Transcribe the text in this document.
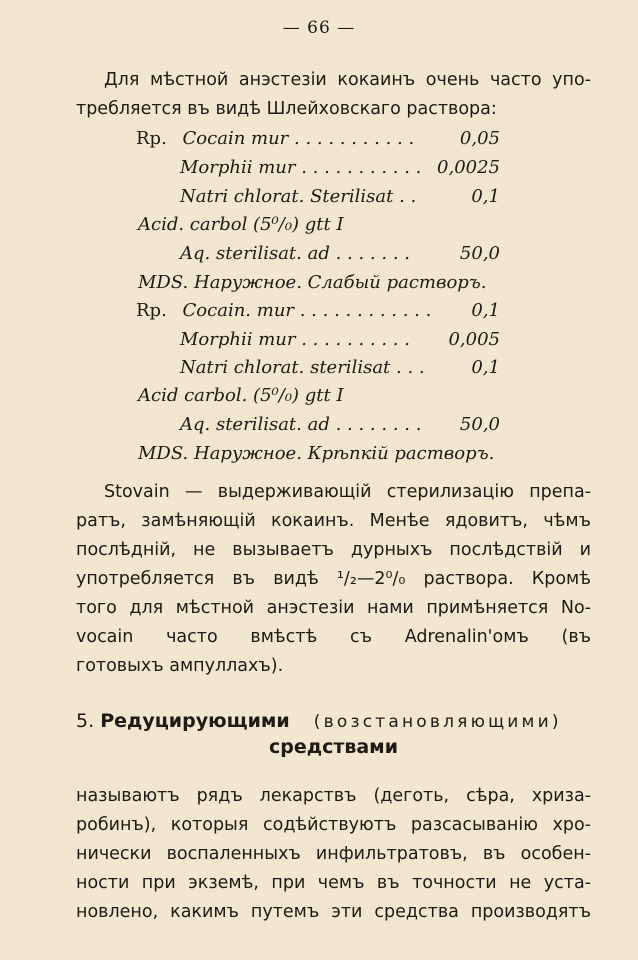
— 66 —
Для мѣстной анэстезіи кокаинъ очень часто упо-
требляется въ видѣ Шлейховскаго раствора:
Rp. Cocain mur . . . . . . . . . . .	0,05
Morphii mur . . . . . . . . . . . 0,0025
Natri chlorat. Sterilisat . .	0,1
Acid. carbol (5⁰/₀) gtt I
Aq. sterilisat. ad . . . . . . .	50,0
MDS. Наружное. Слабый растворъ.
Rp. Cocain. mur . . . . . . . . . . . . 0,1
Morphii mur . . . . . . . . . . 0,005
Natri chlorat. sterilisat . . .	0,1
Acid carbol. (5⁰/₀) gtt I
Aq. sterilisat. ad . . . . . . . . 50,0
MDS. Наружное. Крѣпкій растворъ.
Stovain — выдерживающій стерилизацію препа-
ратъ, замѣняющій кокаинъ. Менѣе ядовитъ, чѣмъ
послѣдній, не вызываетъ дурныхъ послѣдствій и
употребляется въ видѣ ¹/₂—2⁰/₀ раствора. Кромѣ
того для мѣстной анэстезіи нами примѣняется Nо-
vocain часто вмѣстѣ съ Adrenalin'омъ (въ
готовыхъ ампуллахъ).
5. Редуцирующими (возстановляющими)
средствами
называютъ рядъ лекарствъ (деготь, сѣра, хриза-
робинъ), которыя содѣйствуютъ разсасыванію хро-
нически воспаленныхъ инфильтратовъ, въ особен-
ности при экземѣ, при чемъ въ точности не уста-
новлено, какимъ путемъ эти средства производятъ
